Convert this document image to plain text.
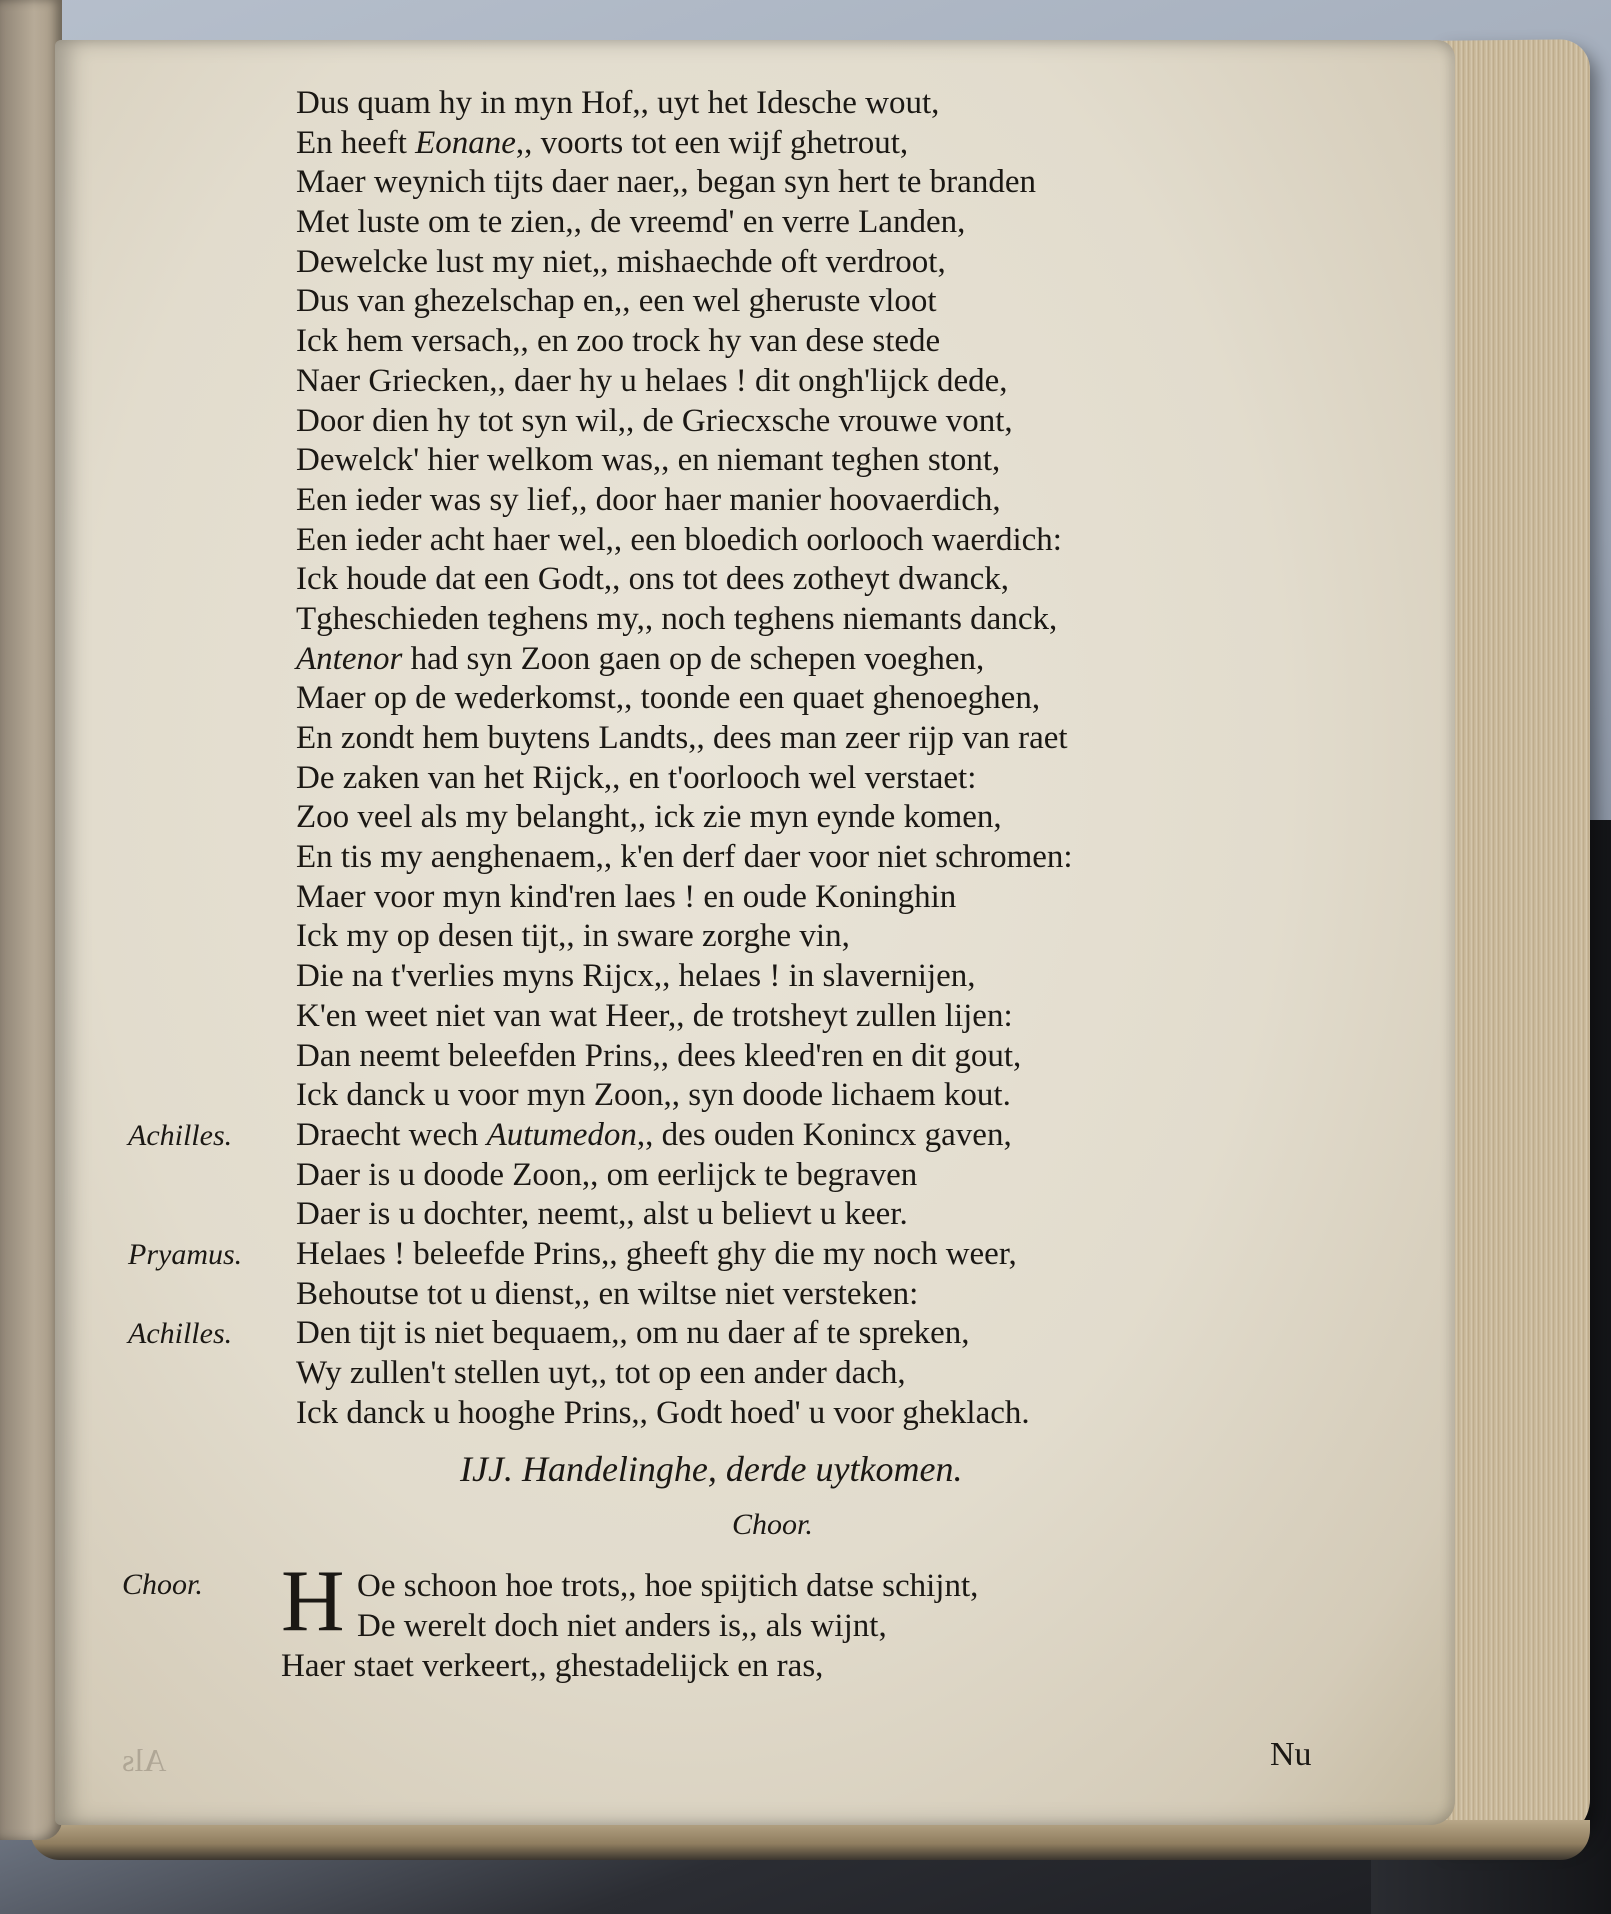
Dus quam hy in myn Hof,, uyt het Idesche wout,
En heeft Eonane,, voorts tot een wijf ghetrout,
Maer weynich tijts daer naer,, began syn hert te branden
Met luste om te zien,, de vreemd' en verre Landen,
Dewelcke lust my niet,, mishaechde oft verdroot,
Dus van ghezelschap en,, een wel gheruste vloot
Ick hem versach,, en zoo trock hy van dese stede
Naer Griecken,, daer hy u helaes ! dit ongh'lijck dede,
Door dien hy tot syn wil,, de Griecxsche vrouwe vont,
Dewelck' hier welkom was,, en niemant teghen stont,
Een ieder was sy lief,, door haer manier hoovaerdich,
Een ieder acht haer wel,, een bloedich oorlooch waerdich:
Ick houde dat een Godt,, ons tot dees zotheyt dwanck,
Tgheschieden teghens my,, noch teghens niemants danck,
Antenor had syn Zoon gaen op de schepen voeghen,
Maer op de wederkomst,, toonde een quaet ghenoeghen,
En zondt hem buytens Landts,, dees man zeer rijp van raet
De zaken van het Rijck,, en t'oorlooch wel verstaet:
Zoo veel als my belanght,, ick zie myn eynde komen,
En tis my aenghenaem,, k'en derf daer voor niet schromen:
Maer voor myn kind'ren laes ! en oude Koninghin
Ick my op desen tijt,, in sware zorghe vin,
Die na t'verlies myns Rijcx,, helaes ! in slavernijen,
K'en weet niet van wat Heer,, de trotsheyt zullen lijen:
Dan neemt beleefden Prins,, dees kleed'ren en dit gout,
Ick danck u voor myn Zoon,, syn doode lichaem kout.
Achilles. Draecht wech Autumedon,, des ouden Konincx gaven,
Daer is u doode Zoon,, om eerlijck te begraven
Daer is u dochter, neemt,, alst u believt u keer.
Pryamus. Helaes ! beleefde Prins,, gheeft ghy die my noch weer,
Behoutse tot u dienst,, en wiltse niet versteken:
Achilles. Den tijt is niet bequaem,, om nu daer af te spreken,
Wy zullen't stellen uyt,, tot op een ander dach,
Ick danck u hooghe Prins,, Godt hoed' u voor gheklach.
IJJ. Handelinghe, derde uytkomen.
Choor.
Choor. H Oe schoon hoe trots,, hoe spijtich datse schijnt,
De werelt doch niet anders is,, als wijnt,
Haer staet verkeert,, ghestadelijck en ras,
Nu
Als
